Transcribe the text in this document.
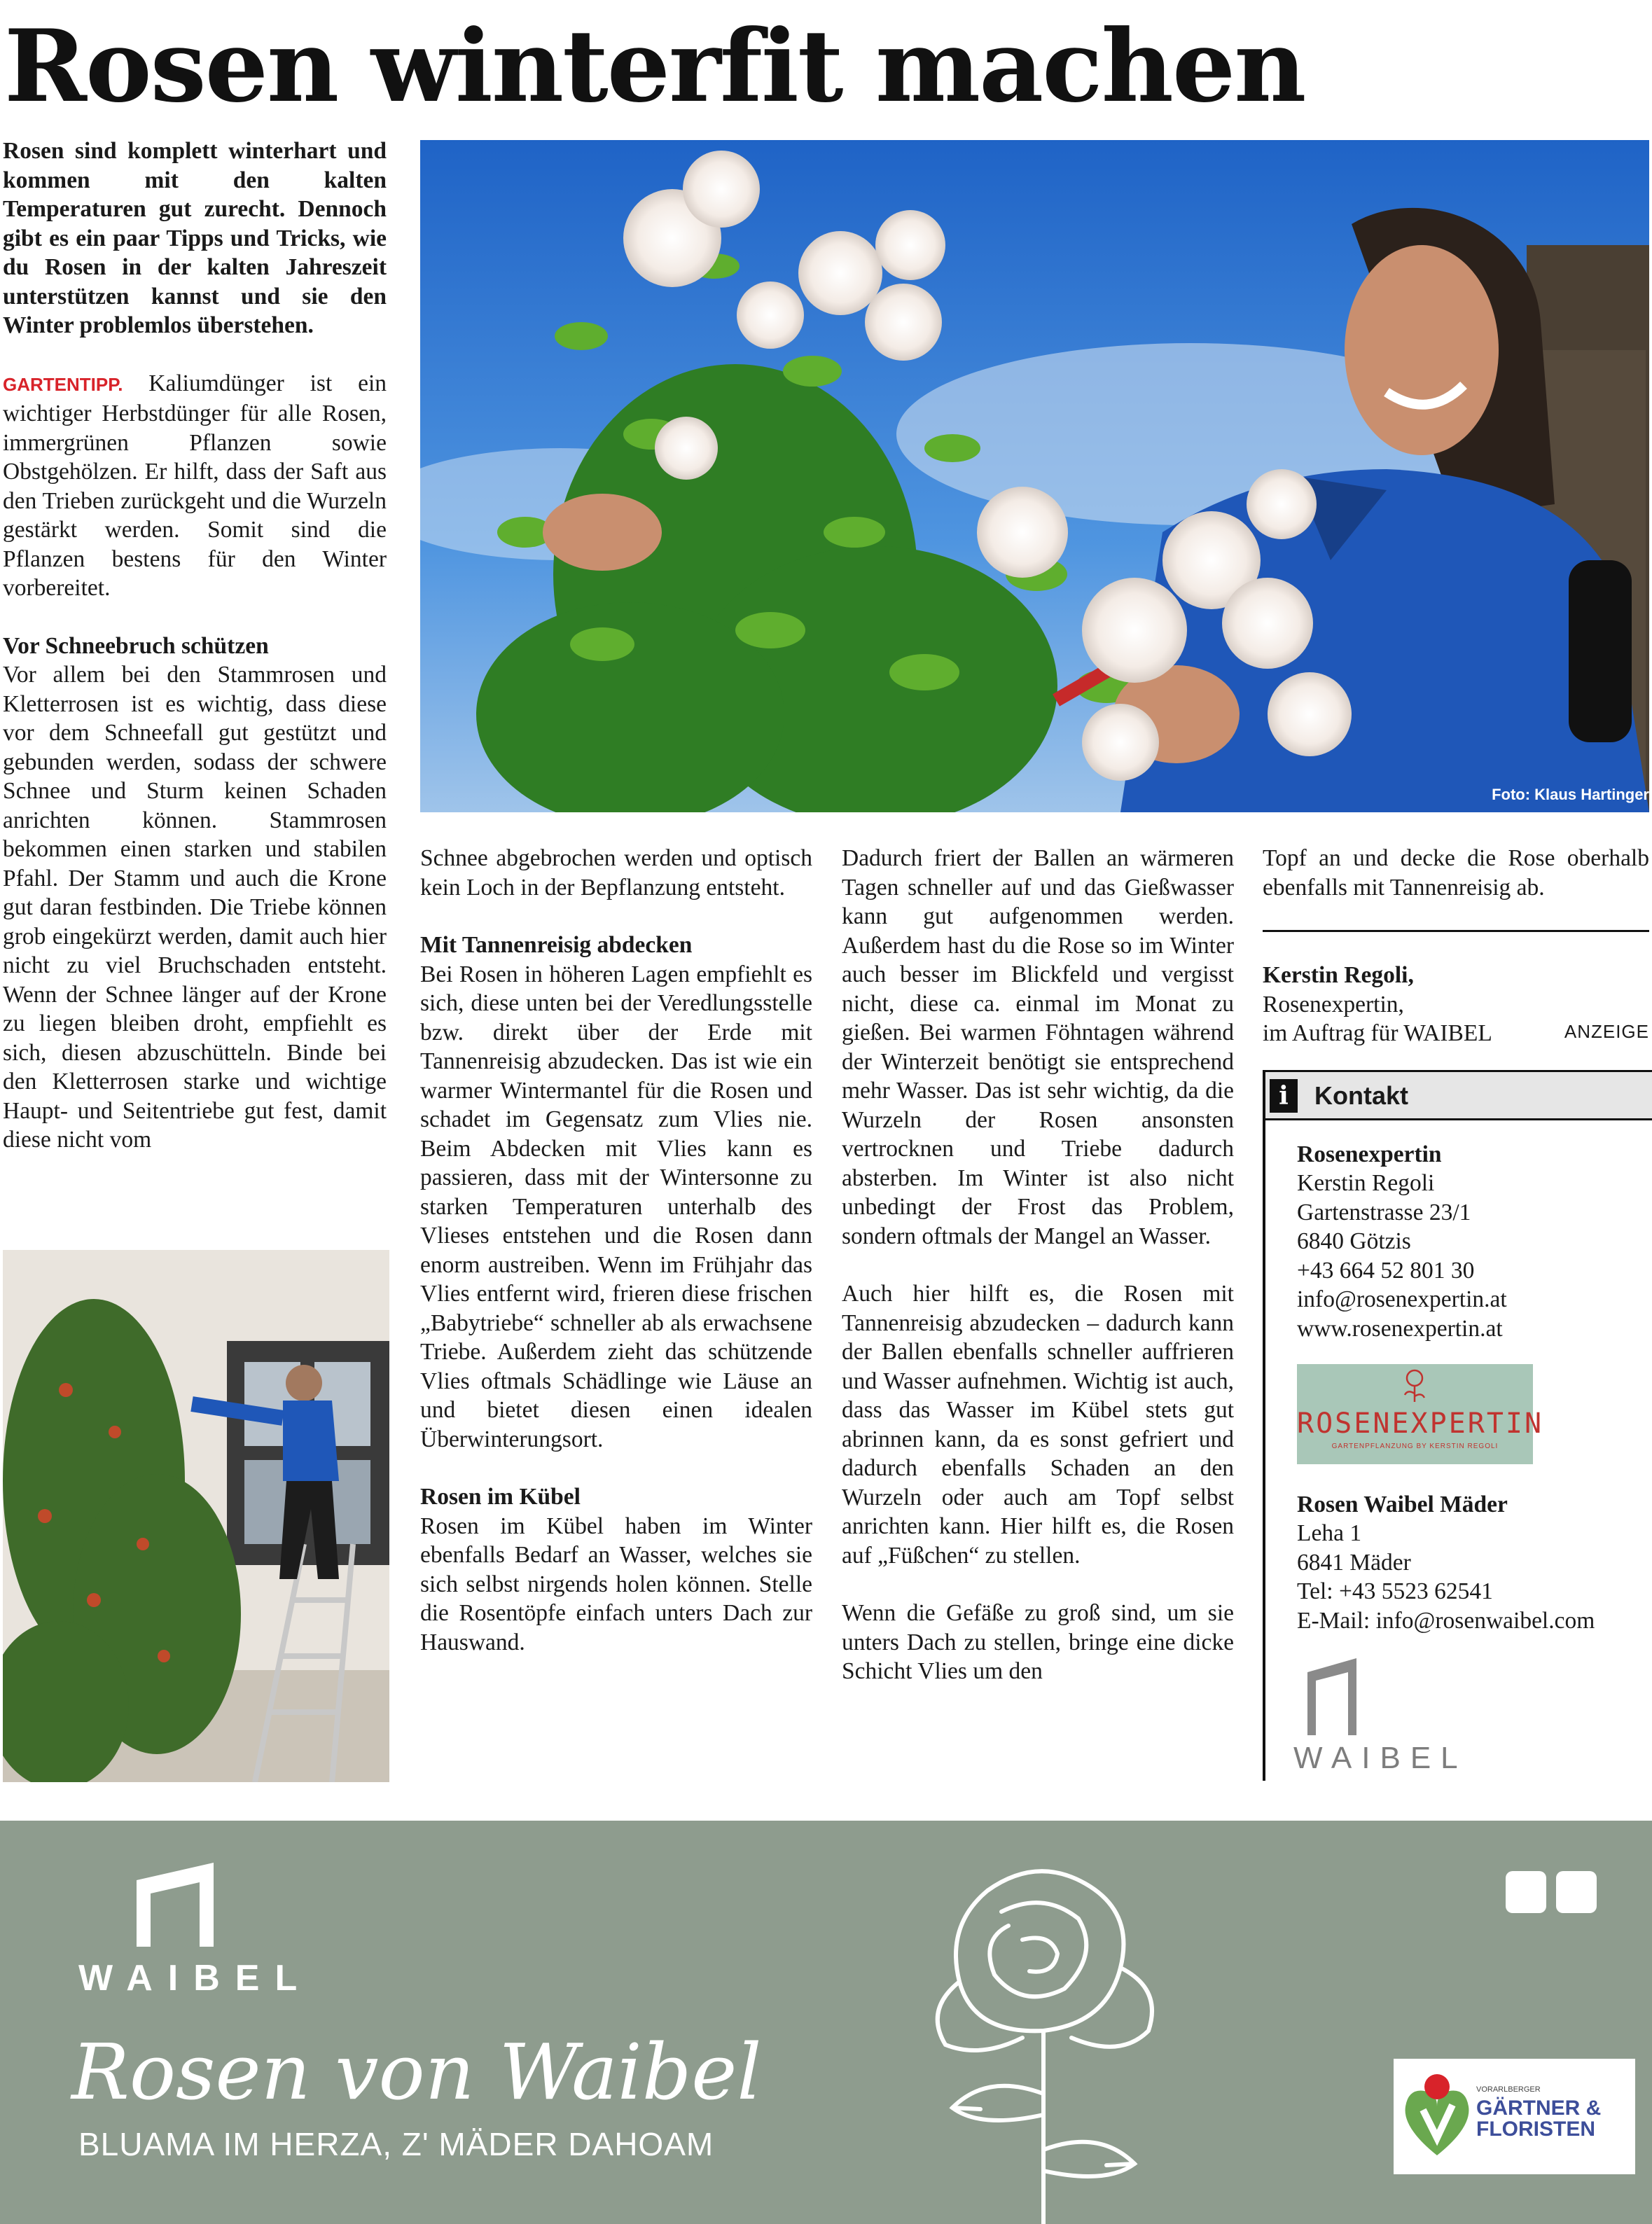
Rosen winterfit machen

Rosen sind komplett winterhart und kommen mit den kalten Temperaturen gut zurecht. Dennoch gibt es ein paar Tipps und Tricks, wie du Rosen in der kalten Jahreszeit unterstützen kannst und sie den Winter problemlos überstehen.

GARTENTIPP. Kaliumdünger ist ein wichtiger Herbstdünger für alle Rosen, immergrünen Pflanzen sowie Obstgehölzen. Er hilft, dass der Saft aus den Trieben zurückgeht und die Wurzeln gestärkt werden. Somit sind die Pflanzen bestens für den Winter vorbereitet.

Vor Schneebruch schützen

Vor allem bei den Stammrosen und Kletterrosen ist es wichtig, dass diese vor dem Schneefall gut gestützt und gebunden werden, sodass der schwere Schnee und Sturm keinen Schaden anrichten können. Stammrosen bekommen einen starken und stabilen Pfahl. Der Stamm und auch die Krone gut daran festbinden. Die Triebe können grob eingekürzt werden, damit auch hier nicht zu viel Bruchschaden entsteht. Wenn der Schnee länger auf der Krone zu liegen bleiben droht, empfiehlt es sich, diesen abzuschütteln. Binde bei den Kletterrosen starke und wichtige Haupt- und Seitentriebe gut fest, damit diese nicht vom

Foto: Klaus Hartinger

Schnee abgebrochen werden und optisch kein Loch in der Bepflanzung entsteht.

Mit Tannenreisig abdecken

Bei Rosen in höheren Lagen empfiehlt es sich, diese unten bei der Veredlungsstelle bzw. direkt über der Erde mit Tannenreisig abzudecken. Das ist wie ein warmer Wintermantel für die Rosen und schadet im Gegensatz zum Vlies nie. Beim Abdecken mit Vlies kann es passieren, dass mit der Wintersonne zu starken Temperaturen unterhalb des Vlieses entstehen und die Rosen dann enorm austreiben. Wenn im Frühjahr das Vlies entfernt wird, frieren diese frischen „Babytriebe“ schneller ab als erwachsene Triebe. Außerdem zieht das schützende Vlies oftmals Schädlinge wie Läuse an und bietet diesen einen idealen Überwinterungsort.

Rosen im Kübel

Rosen im Kübel haben im Winter ebenfalls Bedarf an Wasser, welches sie sich selbst nirgends holen können. Stelle die Rosentöpfe einfach unters Dach zur Hauswand.

Dadurch friert der Ballen an wärmeren Tagen schneller auf und das Gießwasser kann gut aufgenommen werden. Außerdem hast du die Rose so im Winter auch besser im Blickfeld und vergisst nicht, diese ca. einmal im Monat zu gießen. Bei warmen Föhntagen während der Winterzeit benötigt sie entsprechend mehr Wasser. Das ist sehr wichtig, da die Wurzeln der Rosen ansonsten vertrocknen und Triebe dadurch absterben. Im Winter ist also nicht unbedingt der Frost das Problem, sondern oftmals der Mangel an Wasser.

Auch hier hilft es, die Rosen mit Tannenreisig abzudecken – dadurch kann der Ballen ebenfalls schneller auffrieren und Wasser aufnehmen. Wichtig ist auch, dass das Wasser im Kübel stets gut abrinnen kann, da es sonst gefriert und dadurch ebenfalls Schaden an den Wurzeln oder auch am Topf selbst anrichten kann. Hier hilft es, die Rosen auf „Füßchen“ zu stellen.

Wenn die Gefäße zu groß sind, um sie unters Dach zu stellen, bringe eine dicke Schicht Vlies um den

Topf an und decke die Rose oberhalb ebenfalls mit Tannenreisig ab.

Kerstin Regoli,
Rosenexpertin,
im Auftrag für WAIBEL	ANZEIGE
i	Kontakt
Rosenexpertin
Kerstin Regoli
Gartenstrasse 23/1
6840 Götzis
+43 664 52 801 30
info@rosenexpertin.at
www.rosenexpertin.at
ROSENEXPERTIN
GARTENPFLANZUNG BY KERSTIN REGOLI
Rosen Waibel Mäder
Leha 1
6841 Mäder
Tel: +43 5523 62541
E-Mail: info@rosenwaibel.com
WAIBEL
WAIBEL
Rosen von Waibel
BLUAMA IM HERZA, Z' MÄDER DAHOAM
VORARLBERGER
GÄRTNER &
FLORISTEN
